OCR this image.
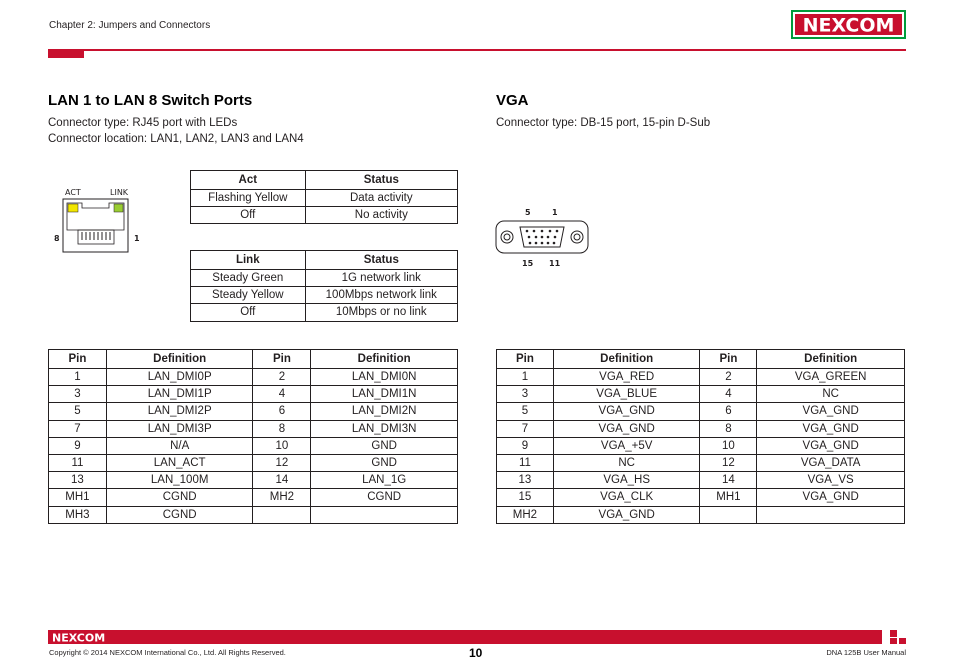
Chapter 2: Jumpers and Connectors	NEXCOM
LAN 1 to LAN 8 Switch Ports
Connector type: RJ45 port with LEDs
Connector location: LAN1, LAN2, LAN3 and LAN4
ACT	LINK
8	1
Act	Status
Flashing Yellow	Data activity
Off	No activity
Link	Status
Steady Green	1G network link
Steady Yellow	100Mbps network link
Off	10Mbps or no link
Pin	Definition	Pin	Definition
1	LAN_DMI0P	2	LAN_DMI0N
3	LAN_DMI1P	4	LAN_DMI1N
5	LAN_DMI2P	6	LAN_DMI2N
7	LAN_DMI3P	8	LAN_DMI3N
9	N/A	10	GND
11	LAN_ACT	12	GND
13	LAN_100M	14	LAN_1G
MH1	CGND	MH2	CGND
MH3	CGND		
VGA
Connector type: DB-15 port, 15-pin D-Sub
5	1
15 11
Pin	Definition	Pin	Definition
1	VGA_RED	2	VGA_GREEN
3	VGA_BLUE	4	NC
5	VGA_GND	6	VGA_GND
7	VGA_GND	8	VGA_GND
9	VGA_+5V	10	VGA_GND
11	NC	12	VGA_DATA
13	VGA_HS	14	VGA_VS
15	VGA_CLK	MH1	VGA_GND
MH2	VGA_GND		
NEXCOM
Copyright © 2014 NEXCOM International Co., Ltd. All Rights Reserved.	10	DNA 125B User Manual
